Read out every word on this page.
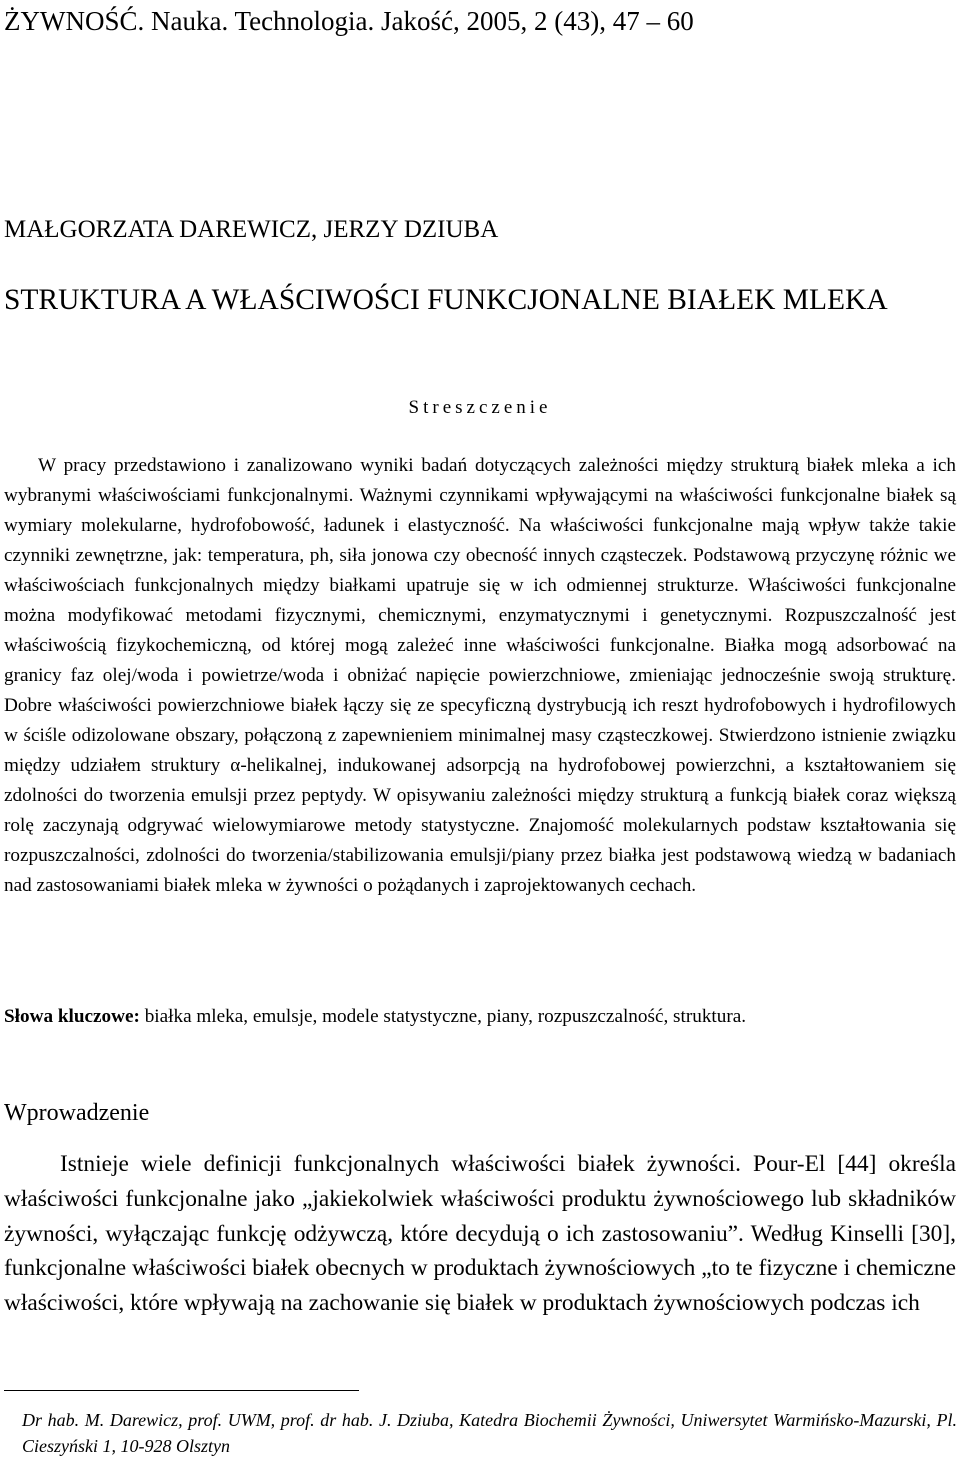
ŻYWNOŚĆ. Nauka. Technologia. Jakość, 2005, 2 (43), 47 – 60
MAŁGORZATA DAREWICZ, JERZY DZIUBA
STRUKTURA A WŁAŚCIWOŚCI FUNKCJONALNE BIAŁEK MLEKA
Streszczenie

W pracy przedstawiono i zanalizowano wyniki badań dotyczących zależności między strukturą białek mleka a ich wybranymi właściwościami funkcjonalnymi. Ważnymi czynnikami wpływającymi na właściwości funkcjonalne białek są wymiary molekularne, hydrofobowość, ładunek i elastyczność. Na właściwości funkcjonalne mają wpływ także takie czynniki zewnętrzne, jak: temperatura, ph, siła jonowa czy obecność innych cząsteczek. Podstawową przyczynę różnic we właściwościach funkcjonalnych między białkami upatruje się w ich odmiennej strukturze. Właściwości funkcjonalne można modyfikować metodami fizycznymi, chemicznymi, enzymatycznymi i genetycznymi. Rozpuszczalność jest właściwością fizykochemiczną, od której mogą zależeć inne właściwości funkcjonalne. Białka mogą adsorbować na granicy faz olej/woda i powietrze/woda i obniżać napięcie powierzchniowe, zmieniając jednocześnie swoją strukturę. Dobre właściwości powierzchniowe białek łączy się ze specyficzną dystrybucją ich reszt hydrofobowych i hydrofilowych w ściśle odizolowane obszary, połączoną z zapewnieniem minimalnej masy cząsteczkowej. Stwierdzono istnienie związku między udziałem struktury α-helikalnej, indukowanej adsorpcją na hydrofobowej powierzchni, a kształtowaniem się zdolności do tworzenia emulsji przez peptydy. W opisywaniu zależności między strukturą a funkcją białek coraz większą rolę zaczynają odgrywać wielowymiarowe metody statystyczne. Znajomość molekularnych podstaw kształtowania się rozpuszczalności, zdolności do tworzenia/stabilizowania emulsji/piany przez białka jest podstawową wiedzą w badaniach nad zastosowaniami białek mleka w żywności o pożądanych i zaprojektowanych cechach.

Słowa kluczowe: białka mleka, emulsje, modele statystyczne, piany, rozpuszczalność, struktura.

Wprowadzenie

Istnieje wiele definicji funkcjonalnych właściwości białek żywności. Pour-El [44] określa właściwości funkcjonalne jako „jakiekolwiek właściwości produktu żywnościowego lub składników żywności, wyłączając funkcję odżywczą, które decydują o ich zastosowaniu”. Według Kinselli [30], funkcjonalne właściwości białek obecnych w produktach żywnościowych „to te fizyczne i chemiczne właściwości, które wpływają na zachowanie się białek w produktach żywnościowych podczas ich

Dr hab. M. Darewicz, prof. UWM, prof. dr hab. J. Dziuba, Katedra Biochemii Żywności, Uniwersytet Warmińsko-Mazurski, Pl. Cieszyński 1, 10-928 Olsztyn
